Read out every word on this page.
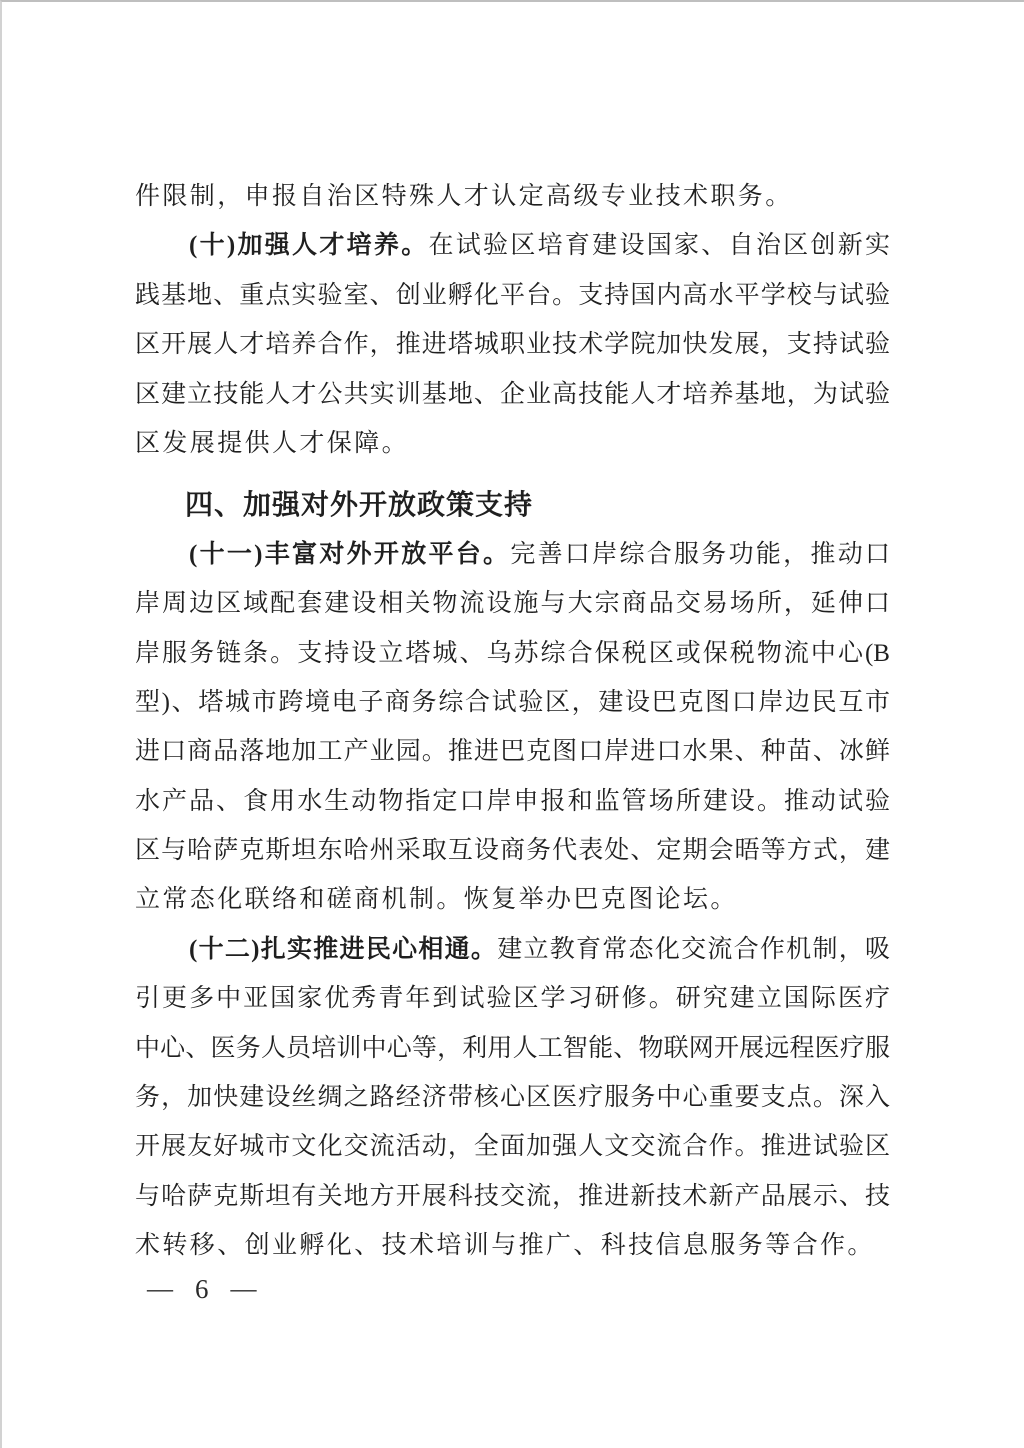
件限制，申报自治区特殊人才认定高级专业技术职务。
(十)加强人才培养。在试验区培育建设国家、自治区创新实
践基地、重点实验室、创业孵化平台。支持国内高水平学校与试验
区开展人才培养合作，推进塔城职业技术学院加快发展，支持试验
区建立技能人才公共实训基地、企业高技能人才培养基地，为试验
区发展提供人才保障。
四、加强对外开放政策支持
(十一)丰富对外开放平台。完善口岸综合服务功能，推动口
岸周边区域配套建设相关物流设施与大宗商品交易场所，延伸口
岸服务链条。支持设立塔城、乌苏综合保税区或保税物流中心(B
型)、塔城市跨境电子商务综合试验区，建设巴克图口岸边民互市
进口商品落地加工产业园。推进巴克图口岸进口水果、种苗、冰鲜
水产品、食用水生动物指定口岸申报和监管场所建设。推动试验
区与哈萨克斯坦东哈州采取互设商务代表处、定期会晤等方式，建
立常态化联络和磋商机制。恢复举办巴克图论坛。
(十二)扎实推进民心相通。建立教育常态化交流合作机制，吸
引更多中亚国家优秀青年到试验区学习研修。研究建立国际医疗
中心、医务人员培训中心等，利用人工智能、物联网开展远程医疗服
务，加快建设丝绸之路经济带核心区医疗服务中心重要支点。深入
开展友好城市文化交流活动，全面加强人文交流合作。推进试验区
与哈萨克斯坦有关地方开展科技交流，推进新技术新产品展示、技
术转移、创业孵化、技术培训与推广、科技信息服务等合作。
— 6 —
